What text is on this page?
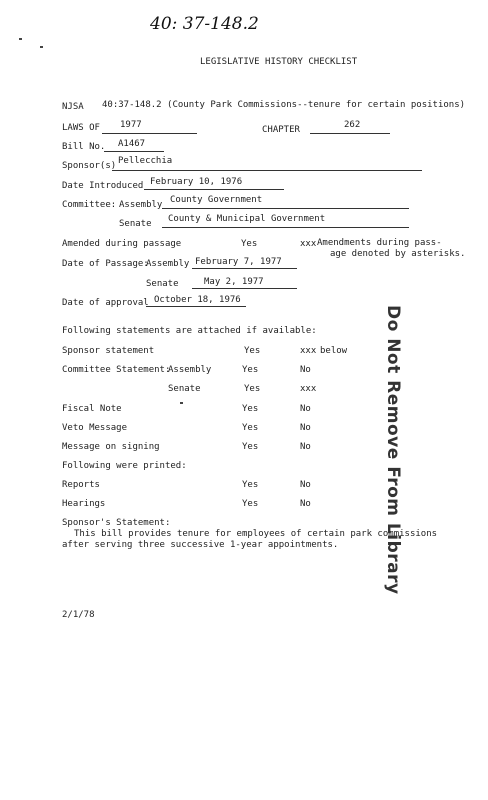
40: 37-148.2
LEGISLATIVE HISTORY CHECKLIST
NJSA 40:37-148.2 (County Park Commissions--tenure for certain positions)
LAWS OF 1977	CHAPTER	262
Bill No. A1467
Sponsor(s) Pellecchia
Date Introduced February 10, 1976
Committee: Assembly County Government
Senate County & Municipal Government
Amended during passage	Yes	xxx Amendments during pass-
age denoted by asterisks.
Date of Passage:
Assembly February 7, 1977
Senate	May 2, 1977
Date of approval October 18, 1976
Following statements are attached if available:
Sponsor statement	Yes	xxx below
Committee Statement:
Assembly	Yes	No
Senate	Yes	xxx
Fiscal Note	Yes	No
Veto Message	Yes	No
Message on signing	Yes	No
Following were printed:
Reports	Yes	No
Hearings	Yes	No
Sponsor's Statement:
This bill provides tenure for employees of certain park commissions
after serving three successive 1-year appointments.
2/1/78
Do Not Remove From Library
